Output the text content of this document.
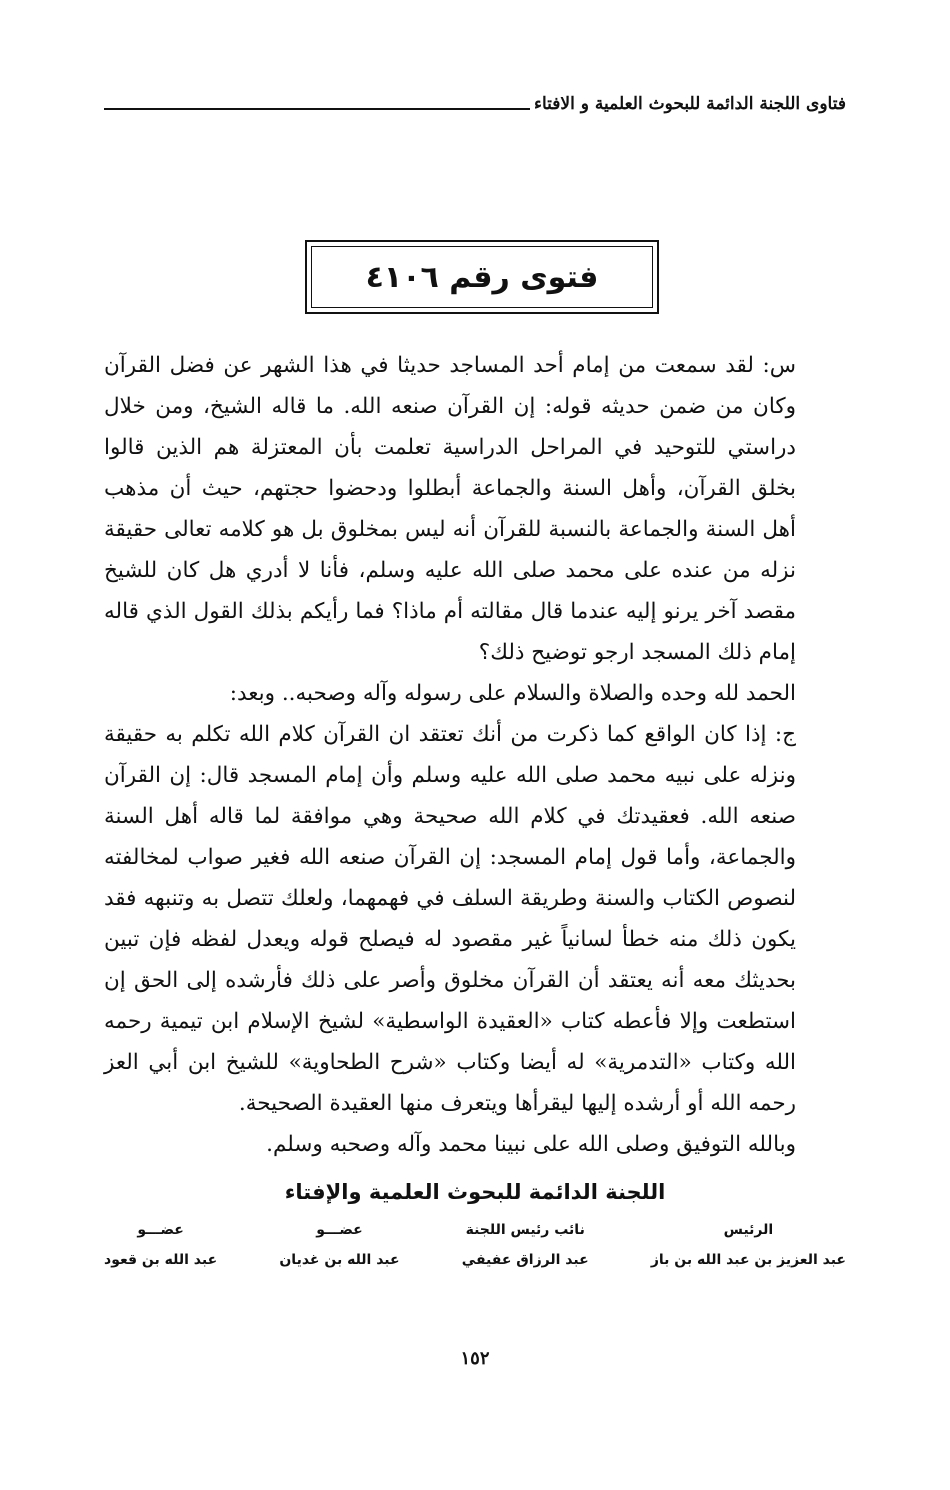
فتاوى اللجنة الدائمة للبحوث العلمية و الافتاء
فتوى رقم ٤١٠٦

س: لقد سمعت من إمام أحد المساجد حديثا في هذا الشهر عن فضل القرآن وكان من ضمن حديثه قوله: إن القرآن صنعه الله. ما قاله الشيخ، ومن خلال دراستي للتوحيد في المراحل الدراسية تعلمت بأن المعتزلة هم الذين قالوا بخلق القرآن، وأهل السنة والجماعة أبطلوا ودحضوا حجتهم، حيث أن مذهب أهل السنة والجماعة بالنسبة للقرآن أنه ليس بمخلوق بل هو كلامه تعالى حقيقة نزله من عنده على محمد صلى الله عليه وسلم، فأنا لا أدري هل كان للشيخ مقصد آخر يرنو إليه عندما قال مقالته أم ماذا؟ فما رأيكم بذلك القول الذي قاله إمام ذلك المسجد ارجو توضيح ذلك؟

الحمد لله وحده والصلاة والسلام على رسوله وآله وصحبه.. وبعد:

ج: إذا كان الواقع كما ذكرت من أنك تعتقد ان القرآن كلام الله تكلم به حقيقة ونزله على نبيه محمد صلى الله عليه وسلم وأن إمام المسجد قال: إن القرآن صنعه الله. فعقيدتك في كلام الله صحيحة وهي موافقة لما قاله أهل السنة والجماعة، وأما قول إمام المسجد: إن القرآن صنعه الله فغير صواب لمخالفته لنصوص الكتاب والسنة وطريقة السلف في فهمهما، ولعلك تتصل به وتنبهه فقد يكون ذلك منه خطأ لسانياً غير مقصود له فيصلح قوله ويعدل لفظه فإن تبين بحديثك معه أنه يعتقد أن القرآن مخلوق وأصر على ذلك فأرشده إلى الحق إن استطعت وإلا فأعطه كتاب «العقيدة الواسطية» لشيخ الإسلام ابن تيمية رحمه الله وكتاب «التدمرية» له أيضا وكتاب «شرح الطحاوية» للشيخ ابن أبي العز رحمه الله أو أرشده إليها ليقرأها ويتعرف منها العقيدة الصحيحة.

وبالله التوفيق وصلى الله على نبينا محمد وآله وصحبه وسلم.

اللجنة الدائمة للبحوث العلمية والإفتاء
الرئيس
عبد العزيز بن عبد الله بن باز
نائب رئيس اللجنة
عبد الرزاق عفيفي
عضـــو
عبد الله بن غديان
عضـــو
عبد الله بن قعود
١٥٢
